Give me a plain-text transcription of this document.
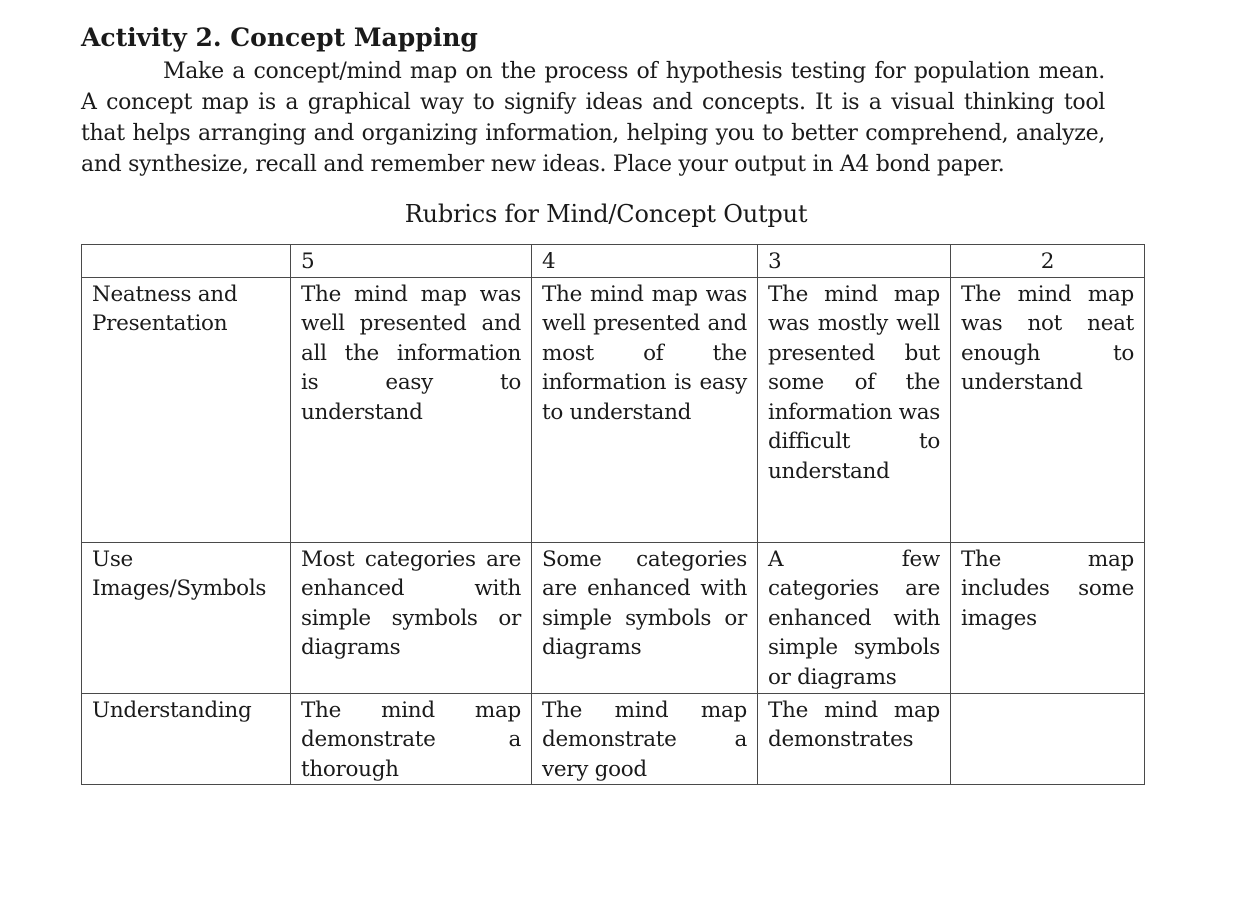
Activity 2. Concept Mapping

Make a concept/mind map on the process of hypothesis testing for population mean. A concept map is a graphical way to signify ideas and concepts. It is a visual thinking tool that helps arranging and organizing information, helping you to better comprehend, analyze, and synthesize, recall and remember new ideas. Place your output in A4 bond paper.

Rubrics for Mind/Concept Output
	5	4	3	2
Neatness and Presentation	The mind map was well presented and all the information is easy to understand	The mind map was well presented and most of the information is easy to understand	The mind map was mostly well presented but some of the information was difficult to understand	The mind map was not neat enough to understand
Use Images/Symbols	Most categories are enhanced with simple symbols or diagrams	Some categories are enhanced with simple symbols or diagrams	A few categories are enhanced with simple symbols or diagrams	The map includes some images
Understanding	The mind map demonstrate a thorough	The mind map demonstrate a very good	The mind map demonstrates	
